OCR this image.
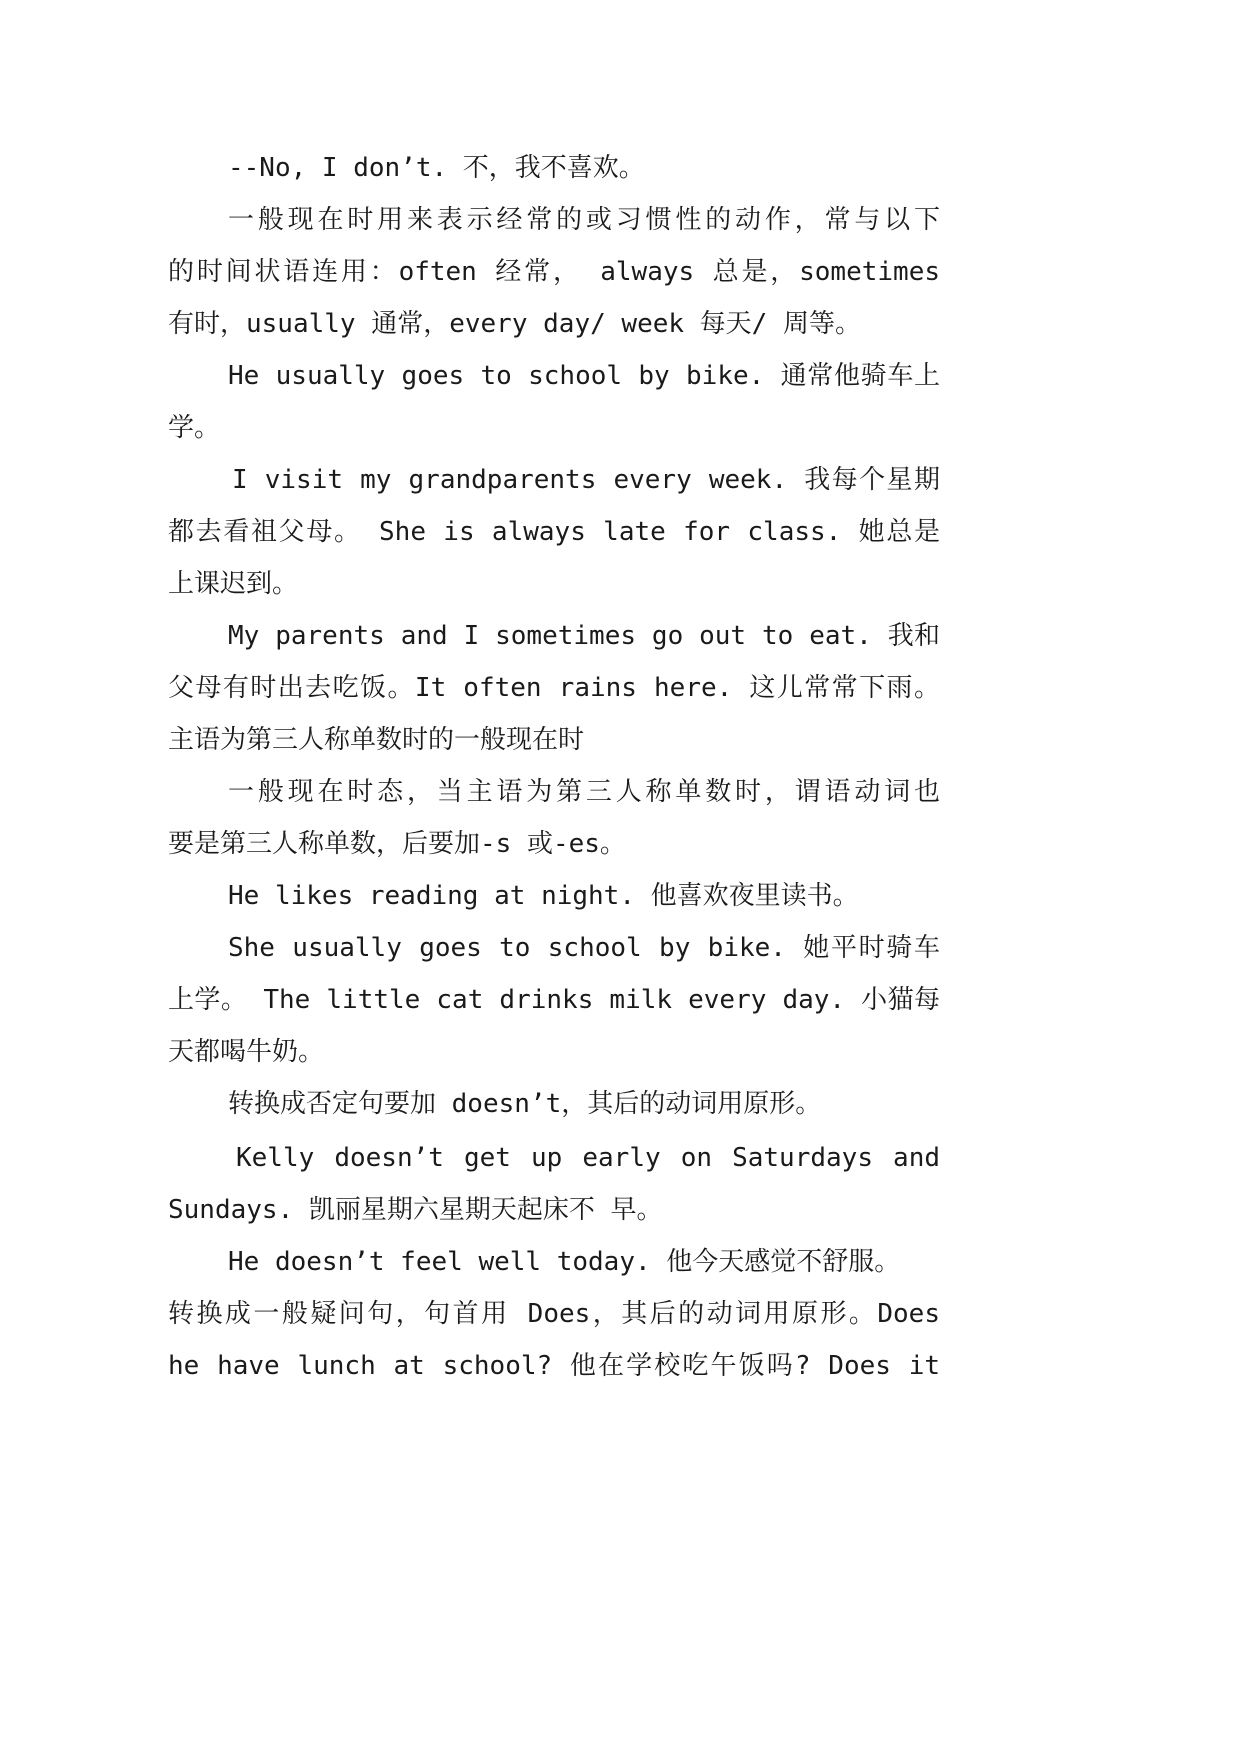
--No, I don’t. 不，我不喜欢。
一般现在时用来表示经常的或习惯性的动作，常与以下
的时间状语连用：often 经常， always 总是，sometimes
有时，usually 通常，every day/ week 每天/ 周等。
He usually goes to school by bike. 通常他骑车上
学。
I visit my grandparents every week. 我每个星期
都去看祖父母。 She is always late for class. 她总是
上课迟到。
My parents and I sometimes go out to eat. 我和
父母有时出去吃饭。It often rains here. 这儿常常下雨。
主语为第三人称单数时的一般现在时
一般现在时态，当主语为第三人称单数时，谓语动词也
要是第三人称单数，后要加-s 或-es。
He likes reading at night. 他喜欢夜里读书。
She usually goes to school by bike. 她平时骑车
上学。 The little cat drinks milk every day. 小猫每
天都喝牛奶。
转换成否定句要加 doesn’t，其后的动词用原形。
Kelly doesn’t get up early on Saturdays and
Sundays. 凯丽星期六星期天起床不 早。
He doesn’t feel well today. 他今天感觉不舒服。
转换成一般疑问句，句首用 Does，其后的动词用原形。Does
he have lunch at school? 他在学校吃午饭吗? Does it
